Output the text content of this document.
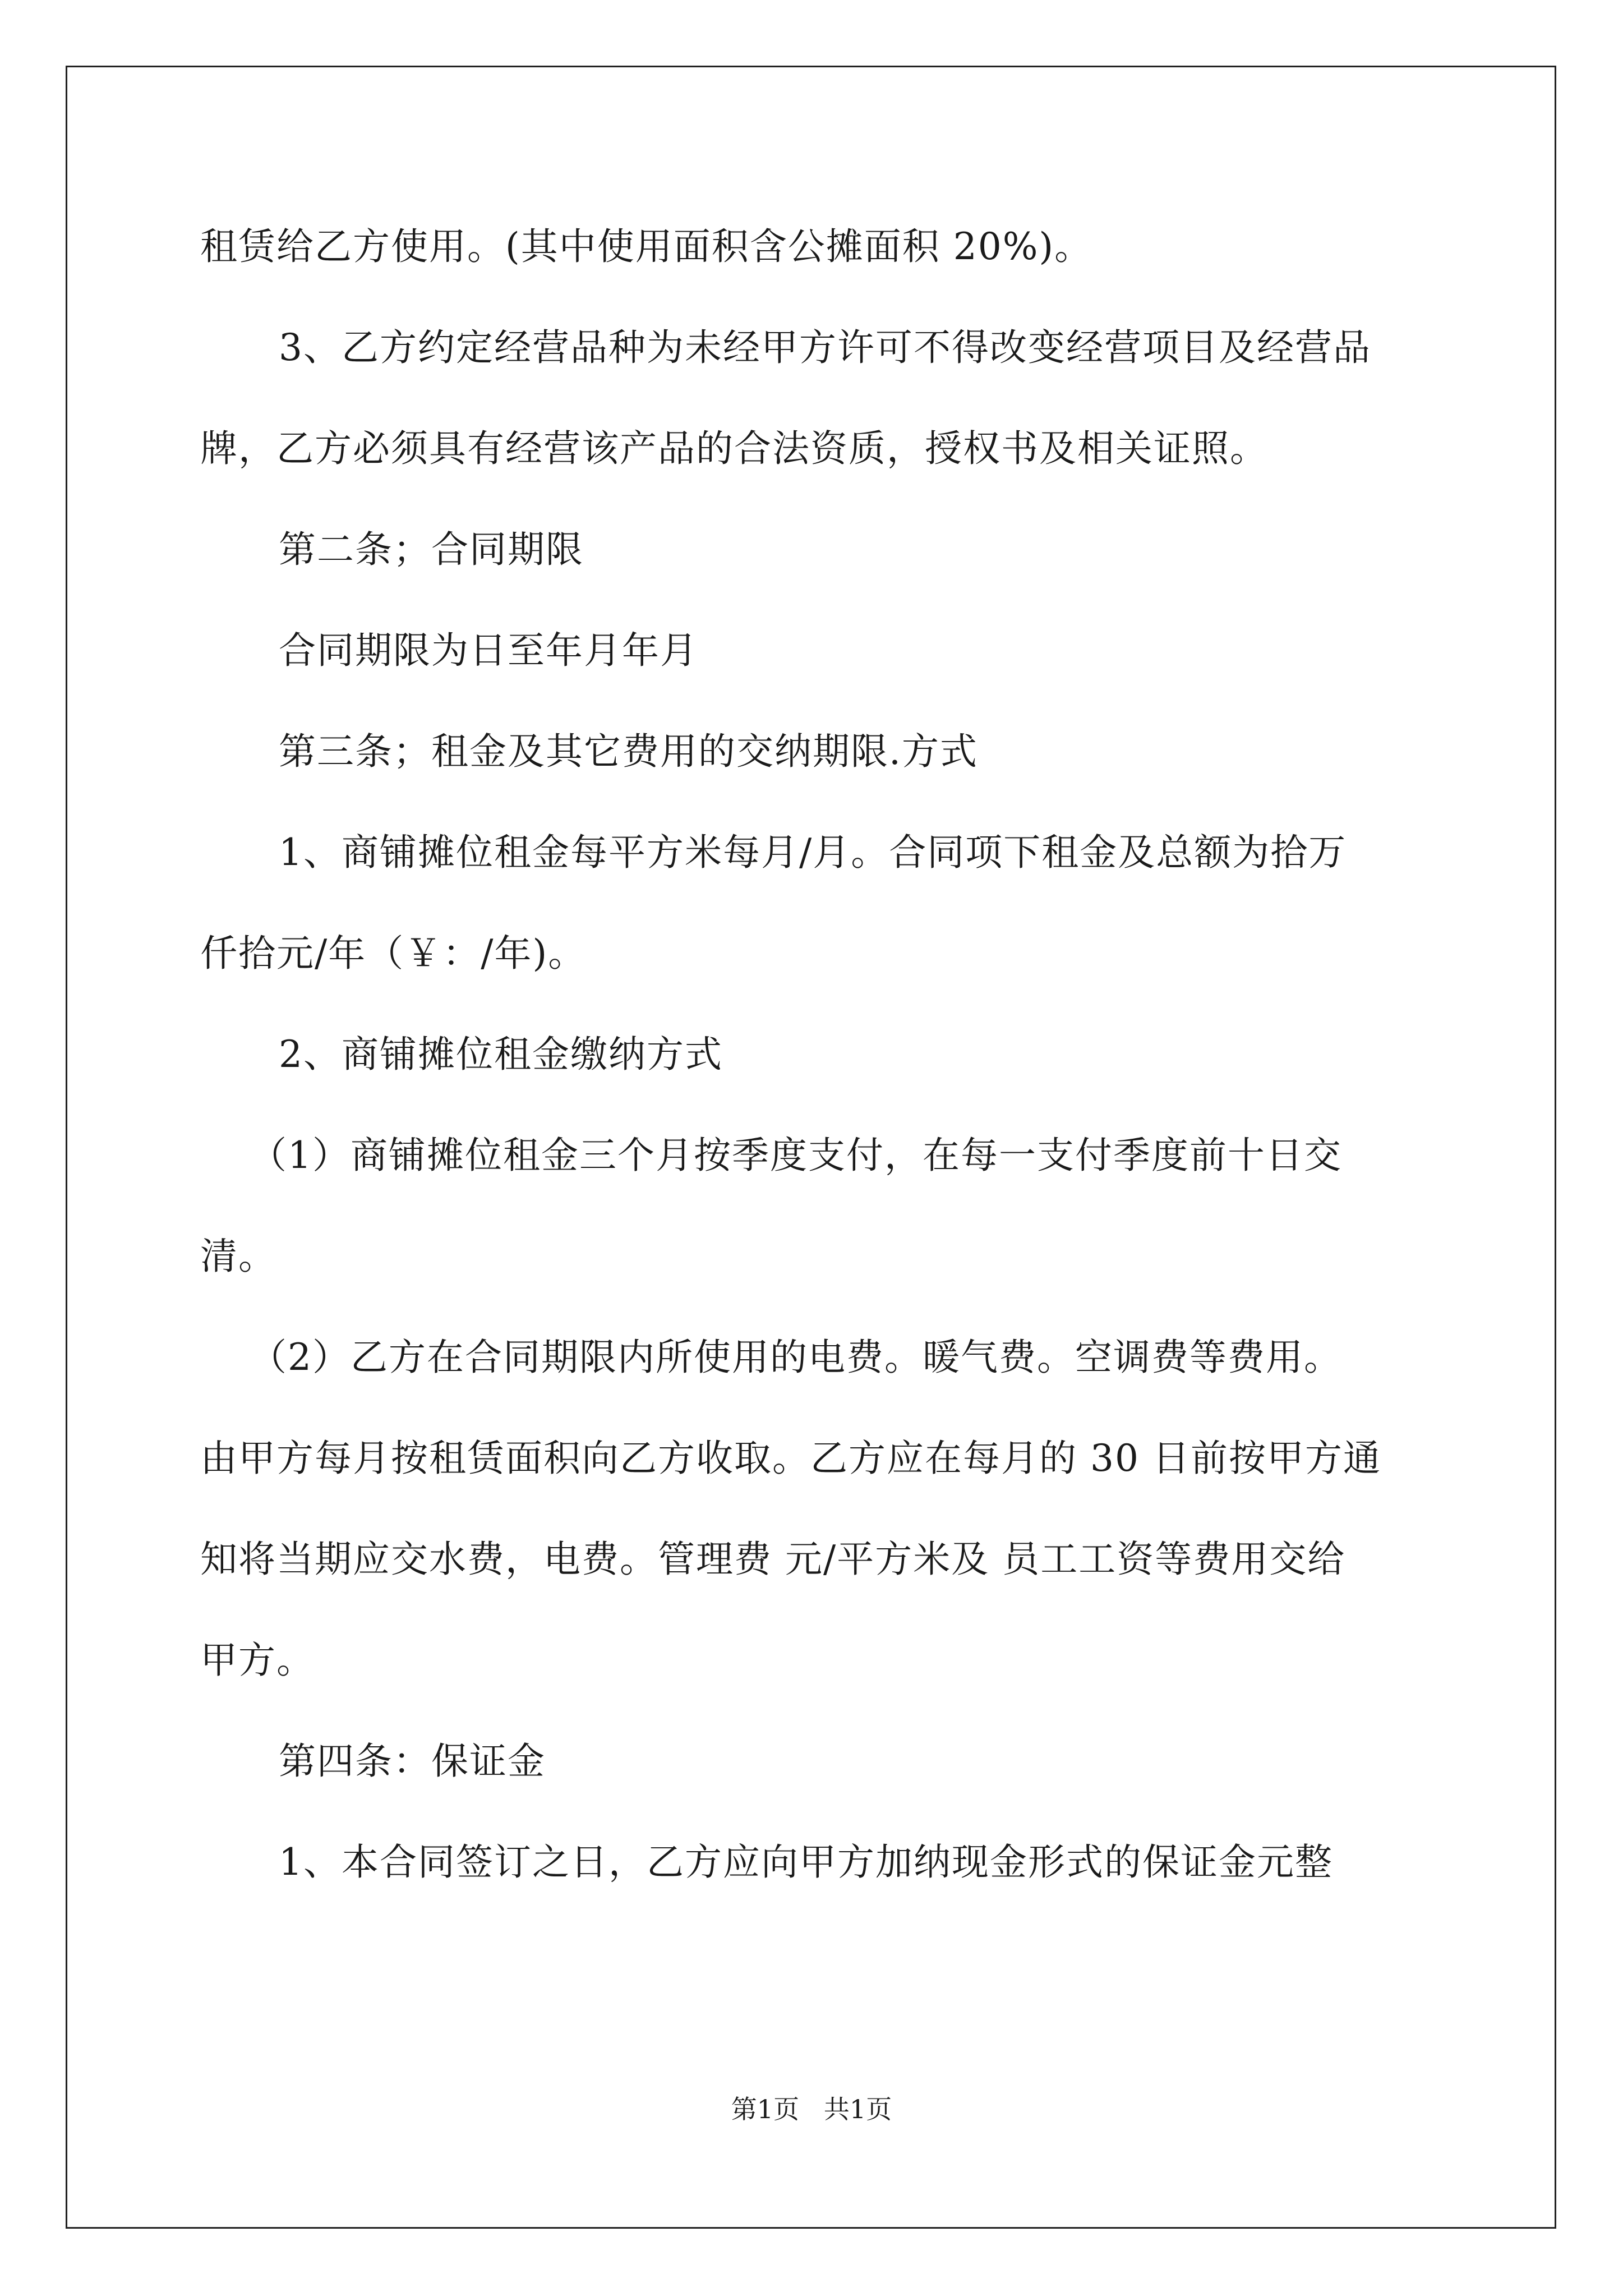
租赁给乙方使用。(其中使用面积含公摊面积 20%)。
3、乙方约定经营品种为未经甲方许可不得改变经营项目及经营品
牌，乙方必须具有经营该产品的合法资质，授权书及相关证照。
第二条；合同期限
合同期限为日至年月年月
第三条；租金及其它费用的交纳期限.方式
1、商铺摊位租金每平方米每月/月。合同项下租金及总额为拾万
仟拾元/年（￥：/年)。
2、商铺摊位租金缴纳方式
（1）商铺摊位租金三个月按季度支付，在每一支付季度前十日交
清。
（2）乙方在合同期限内所使用的电费。暖气费。空调费等费用。
由甲方每月按租赁面积向乙方收取。乙方应在每月的 30 日前按甲方通
知将当期应交水费，电费。管理费 元/平方米及 员工工资等费用交给
甲方。
第四条：保证金
1、本合同签订之日，乙方应向甲方加纳现金形式的保证金元整
第1页   共1页
